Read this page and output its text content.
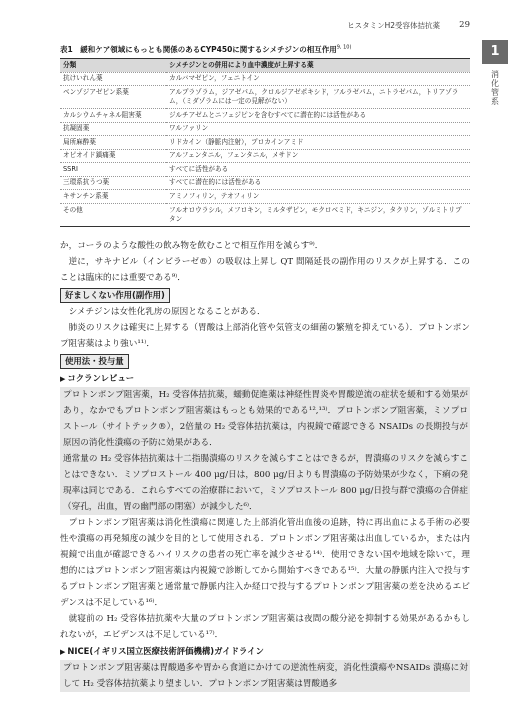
ヒスタミンH2受容体拮抗薬 29
1
消化管系
表1　緩和ケア領域にもっとも関係のあるCYP450に関するシメチジンの相互作用$^{9, 10)}$
分類	シメチジンとの併用により血中濃度が上昇する薬
抗けいれん薬	カルバマゼピン，フェニトイン
ベンゾジアゼピン系薬	アルプラゾラム，ジアゼパム，クロルジアゼポキシド，フルラゼパム，ニトラゼパム，トリアゾラム，（ミダゾラムには一定の見解がない）
カルシウムチャネル阻害薬	ジルチアゼムとニフェジピンを含むすべてに潜在的には活性がある
抗凝固薬	ワルファリン
局所麻酔薬	リドカイン（静脈内注射），プロカインアミド
オピオイド鎮痛薬	アルフェンタニル，フェンタニル，メサドン
SSRI	すべてに活性がある
三環系抗うつ薬	すべてに潜在的には活性がある
キサンチン系薬	アミノフィリン，テオフィリン
その他	フルオロウラシル，メフロキン，ミルタザピン，モクロベミド，キニジン，タクリン，ゾルミトリプタン

か，コーラのような酸性の飲み物を飲むことで相互作用を減らす⁹⁾．

逆に，サキナビル（インビラーゼ®）の吸収は上昇し QT 間隔延長の副作用のリスクが上昇する．このことは臨床的には重要である⁹⁾．

好ましくない作用(副作用)

シメチジンは女性化乳房の原因となることがある．

肺炎のリスクは確実に上昇する（胃酸は上部消化管や気管支の細菌の繁殖を抑えている）．プロトンポンプ阻害薬はより強い¹¹⁾．

使用法・投与量
▶ コクランレビュー

プロトンポンプ阻害薬，H₂ 受容体拮抗薬，蠕動促進薬は神経性胃炎や胃酸逆流の症状を緩和する効果があり，なかでもプロトンポンプ阻害薬はもっとも効果的である¹²,¹³⁾．プロトンポンプ阻害薬，ミソプロストール（サイトテック®），2倍量の H₂ 受容体拮抗薬は，内視鏡で確認できる NSAIDs の長期投与が原因の消化性潰瘍の予防に効果がある．

通常量の H₂ 受容体拮抗薬は十二指腸潰瘍のリスクを減らすことはできるが，胃潰瘍のリスクを減らすことはできない．ミソプロストール 400 μg/日は，800 μg/日よりも胃潰瘍の予防効果が少なく，下痢の発現率は同じである．これらすべての治療群において，ミソプロストール 800 μg/日投与群で潰瘍の合併症（穿孔，出血，胃の幽門部の閉塞）が減少した⁶⁾．

プロトンポンプ阻害薬は消化性潰瘍に関連した上部消化管出血後の追跡，特に再出血による手術の必要性や潰瘍の再発頻度の減少を目的として使用される．プロトンポンプ阻害薬は出血しているか，または内視鏡で出血が確認できるハイリスクの患者の死亡率を減少させる¹⁴⁾．使用できない国や地域を除いて，理想的にはプロトンポンプ阻害薬は内視鏡で診断してから開始すべきである¹⁵⁾．大量の静脈内注入で投与するプロトンポンプ阻害薬と通常量で静脈内注入か経口で投与するプロトンポンプ阻害薬の差を決めるエビデンスは不足している¹⁶⁾．

就寝前の H₂ 受容体拮抗薬や大量のプロトンポンプ阻害薬は夜間の酸分泌を抑制する効果があるかもしれないが，エビデンスは不足している¹⁷⁾．

▶ NICE(イギリス国立医療技術評価機構)ガイドライン

プロトンポンプ阻害薬は胃酸過多や胃から食道にかけての逆流性病変，消化性潰瘍やNSAIDs 潰瘍に対して H₂ 受容体拮抗薬より望ましい．プロトンポンプ阻害薬は胃酸過多
